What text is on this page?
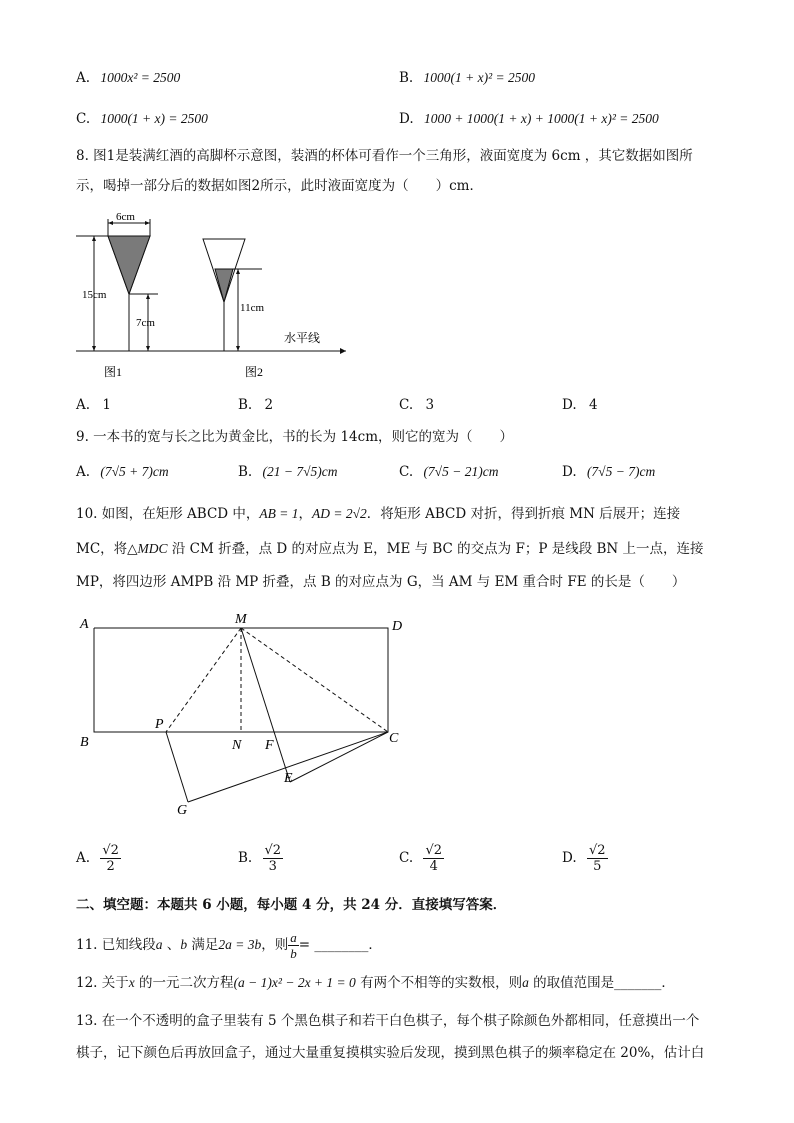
A. 1000x² = 2500	B. 1000(1 + x)² = 2500
C. 1000(1 + x) = 2500	D. 1000 + 1000(1 + x) + 1000(1 + x)² = 2500
8. 图1是装满红酒的高脚杯示意图，装酒的杯体可看作一个三角形，液面宽度为 6cm ，其它数据如图所
示，喝掉一部分后的数据如图2所示，此时液面宽度为（　　）cm．
6cm
15cm
7cm
11cm
水平线
图1	图2
A. 1	B. 2	C. 3	D. 4
9. 一本书的宽与长之比为黄金比，书的长为 14cm，则它的宽为（　　）
A. (7√5 + 7)cm	B. (21 − 7√5)cm	C. (7√5 − 21)cm	D. (7√5 − 7)cm
10. 如图，在矩形 ABCD 中，AB = 1，AD = 2√2．将矩形 ABCD 对折，得到折痕 MN 后展开；连接
MC，将△MDC 沿 CM 折叠，点 D 的对应点为 E，ME 与 BC 的交点为 F；P 是线段 BN 上一点，连接
MP，将四边形 AMPB 沿 MP 折叠，点 B 的对应点为 G，当 AM 与 EM 重合时 FE 的长是（　　）
A	M	D
B
P
N F	C
E
G
A. $\frac{√2}{2}$	B. $\frac{√2}{3}$	C. $\frac{√2}{4}$	D. $\frac{√2}{5}$
二、填空题：本题共 6 小题，每小题 4 分，共 24 分．直接填写答案．
11. 已知线段a 、b 满足2a = 3b，则 $\frac{a}{b}$ = ________．
12. 关于x 的一元二次方程(a − 1)x² − 2x + 1 = 0 有两个不相等的实数根，则a 的取值范围是_______．
13. 在一个不透明的盒子里装有 5 个黑色棋子和若干白色棋子，每个棋子除颜色外都相同，任意摸出一个
棋子，记下颜色后再放回盒子，通过大量重复摸棋实验后发现，摸到黑色棋子的频率稳定在 20%，估计白
